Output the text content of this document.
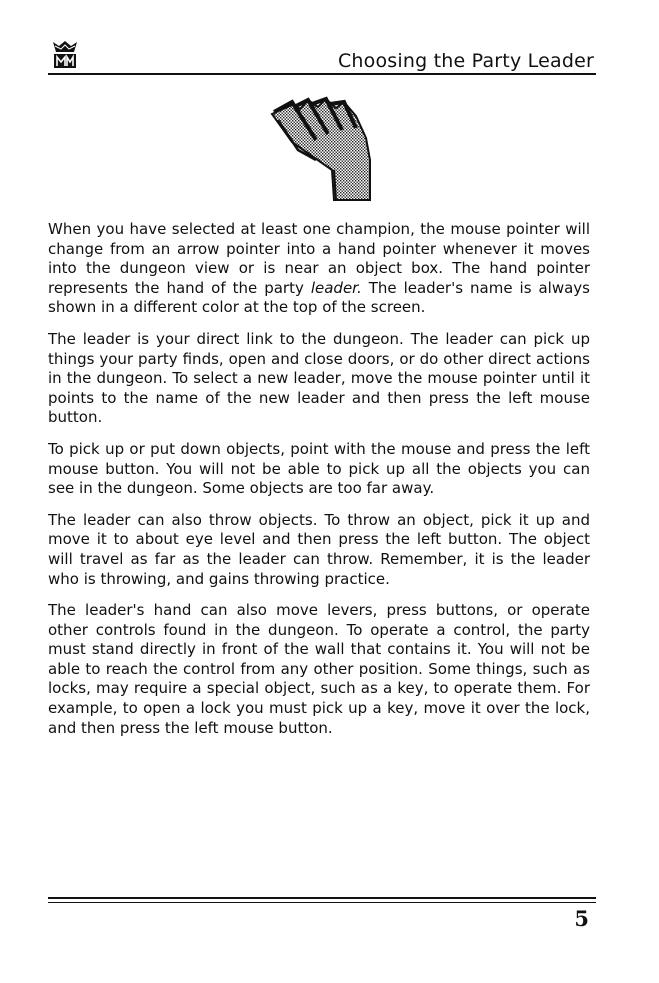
Choosing the Party Leader

When you have selected at least one champion, the mouse pointer will change from an arrow pointer into a hand pointer whenever it moves into the dungeon view or is near an object box. The hand pointer represents the hand of the party leader. The leader's name is always shown in a different color at the top of the screen.

The leader is your direct link to the dungeon. The leader can pick up things your party finds, open and close doors, or do other direct actions in the dungeon. To select a new leader, move the mouse pointer until it points to the name of the new leader and then press the left mouse button.

To pick up or put down objects, point with the mouse and press the left mouse button. You will not be able to pick up all the objects you can see in the dungeon. Some objects are too far away.

The leader can also throw objects. To throw an object, pick it up and move it to about eye level and then press the left button. The object will travel as far as the leader can throw. Remember, it is the leader who is throwing, and gains throwing practice.

The leader's hand can also move levers, press buttons, or operate other controls found in the dungeon. To operate a control, the party must stand directly in front of the wall that contains it. You will not be able to reach the control from any other position. Some things, such as locks, may require a special object, such as a key, to operate them. For example, to open a lock you must pick up a key, move it over the lock, and then press the left mouse button.

5
